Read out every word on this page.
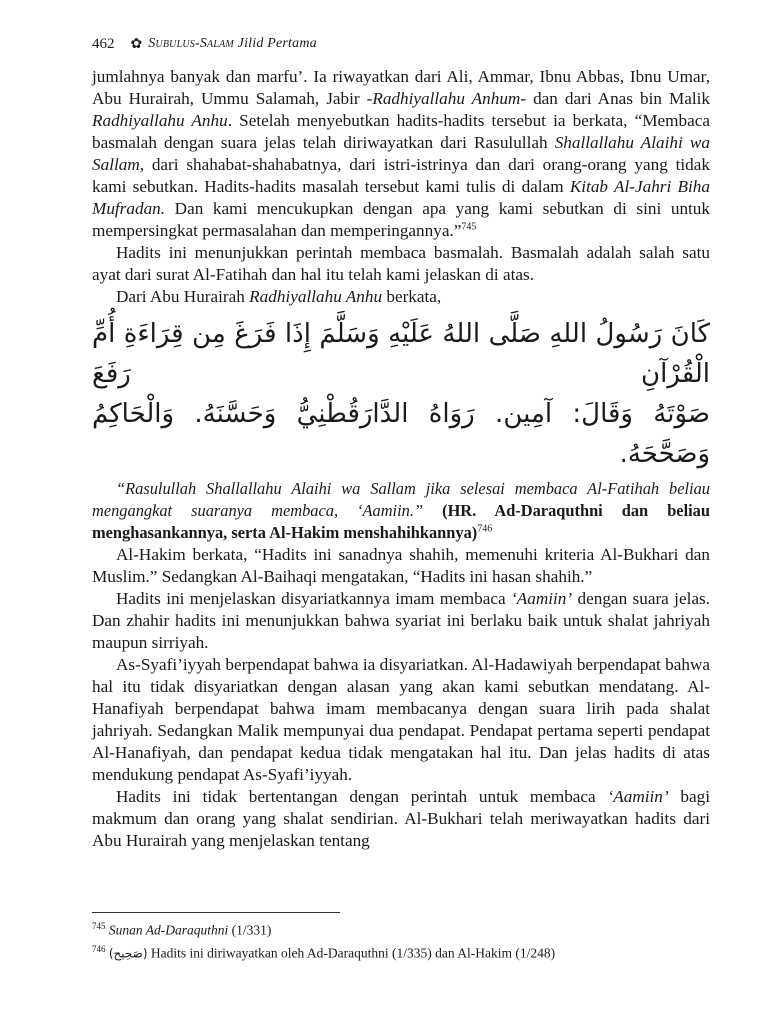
462 ✿ Subulus-Salam Jilid Pertama

jumlahnya banyak dan marfu’. Ia riwayatkan dari Ali, Ammar, Ibnu Abbas, Ibnu Umar, Abu Hurairah, Ummu Salamah, Jabir -Radhiyallahu Anhum- dan dari Anas bin Malik Radhiyallahu Anhu. Setelah menyebutkan hadits-hadits tersebut ia berkata, “Membaca basmalah dengan suara jelas telah diriwayatkan dari Rasulullah Shallallahu Alaihi wa Sallam, dari shahabat-shahabatnya, dari istri-istrinya dan dari orang-orang yang tidak kami sebutkan. Hadits-hadits masalah tersebut kami tulis di dalam Kitab Al-Jahri Biha Mufradan. Dan kami mencukupkan dengan apa yang kami sebutkan di sini untuk mempersingkat permasalahan dan memperingannya.”$^{745}$

Hadits ini menunjukkan perintah membaca basmalah. Basmalah adalah salah satu ayat dari surat Al-Fatihah dan hal itu telah kami jelaskan di atas.

Dari Abu Hurairah Radhiyallahu Anhu berkata,

كَانَ رَسُولُ اللهِ صَلَّى اللهُ عَلَيْهِ وَسَلَّمَ إِذَا فَرَغَ مِن قِرَاءَةِ أُمِّ الْقُرْآنِ رَفَعَ
صَوْتَهُ وَقَالَ: آمِين. رَوَاهُ الدَّارَقُطْنِيُّ وَحَسَّنَهُ. وَالْحَاكِمُ وَصَحَّحَهُ.

“Rasulullah Shallallahu Alaihi wa Sallam jika selesai membaca Al-Fatihah beliau mengangkat suaranya membaca, ‘Aamiin.” (HR. Ad-Daraquthni dan beliau menghasankannya, serta Al-Hakim menshahihkannya)$^{746}$

Al-Hakim berkata, “Hadits ini sanadnya shahih, memenuhi kriteria Al-Bukhari dan Muslim.” Sedangkan Al-Baihaqi mengatakan, “Hadits ini hasan shahih.”

Hadits ini menjelaskan disyariatkannya imam membaca ‘Aamiin’ dengan suara jelas. Dan zhahir hadits ini menunjukkan bahwa syariat ini berlaku baik untuk shalat jahriyah maupun sirriyah.

As-Syafi’iyyah berpendapat bahwa ia disyariatkan. Al-Hadawiyah berpendapat bahwa hal itu tidak disyariatkan dengan alasan yang akan kami sebutkan mendatang. Al-Hanafiyah berpendapat bahwa imam membacanya dengan suara lirih pada shalat jahriyah. Sedangkan Malik mempunyai dua pendapat. Pendapat pertama seperti pendapat Al-Hanafiyah, dan pendapat kedua tidak mengatakan hal itu. Dan jelas hadits di atas mendukung pendapat As-Syafi’iyyah.

Hadits ini tidak bertentangan dengan perintah untuk membaca ‘Aamiin’ bagi makmum dan orang yang shalat sendirian. Al-Bukhari telah meriwayatkan hadits dari Abu Hurairah yang menjelaskan tentang

$^{745}$ Sunan Ad-Daraquthni (1/331)

$^{746}$ (صَحِيح) Hadits ini diriwayatkan oleh Ad-Daraquthni (1/335) dan Al-Hakim (1/248)
